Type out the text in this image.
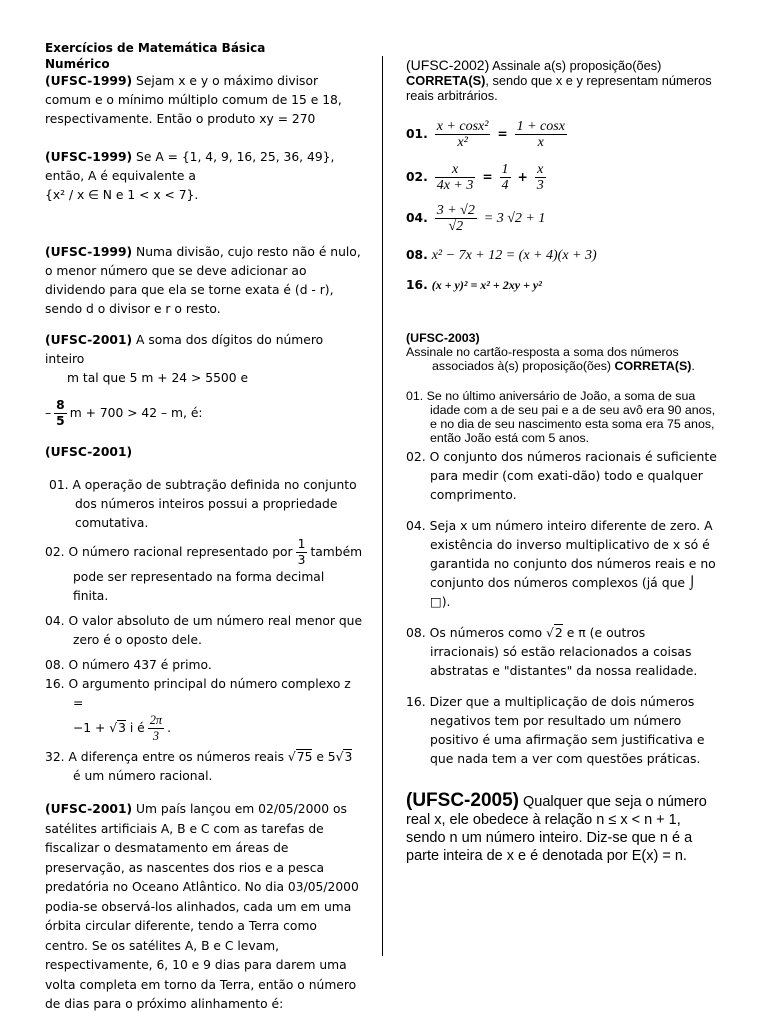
Exercícios de Matemática Básica

Numérico

(UFSC-1999) Sejam x e y o máximo divisor comum e o mínimo múltiplo comum de 15 e 18, respectivamente. Então o produto xy = 270

(UFSC-1999) Se A = {1, 4, 9, 16, 25, 36, 49}, então, A é equivalente a
{x² / x ∈ N e 1 < x < 7}.

(UFSC-1999) Numa divisão, cujo resto não é nulo, o menor número que se deve adicionar ao dividendo para que ela se torne exata é (d - r), sendo d o divisor e r o resto.

(UFSC-2001) A soma dos dígitos do número inteiro

m tal que 5 m + 24 > 5500 e

– $\frac{8}{5}$ m + 700 > 42 – m, é:

(UFSC-2001)

01. A operação de subtração definida no conjunto dos números inteiros possui a propriedade comutativa.

02. O número racional representado por $\frac{1}{3}$ também pode ser representado na forma decimal finita.

04. O valor absoluto de um número real menor que zero é o oposto dele.

08. O número 437 é primo.

16. O argumento principal do número complexo z =
−1 + √3 i é $\frac{2\pi}{3}$ .

32. A diferença entre os números reais √75 e 5√3 é um número racional.

(UFSC-2001) Um país lançou em 02/05/2000 os satélites artificiais A, B e C com as tarefas de fiscalizar o desmatamento em áreas de preservação, as nascentes dos rios e a pesca predatória no Oceano Atlântico. No dia 03/05/2000 podia-se observá-los alinhados, cada um em uma órbita circular diferente, tendo a Terra como centro. Se os satélites A, B e C levam, respectivamente, 6, 10 e 9 dias para darem uma volta completa em torno da Terra, então o número de dias para o próximo alinhamento é:

(UFSC-2002) Assinale a(s) proposição(ões) CORRETA(S), sendo que x e y representam números reais arbitrários.

01. $\frac{\text{x + cosx²}}{\text{x²}} = \frac{1 + \cos x}{x}$

02. $\frac{x}{4x + 3} = \frac{1}{4} + \frac{x}{3}$

04. $\frac{3 + √2}{√2} = 3$ √2 + 1

08. x² − 7x + 12 = (x + 4)(x + 3)

16. (x + y)² = x² + 2xy + y²

(UFSC-2003)

Assinale no cartão-resposta a soma dos números associados à(s) proposição(ões) CORRETA(S).

01. Se no último aniversário de João, a soma de sua idade com a de seu pai e a de seu avô era 90 anos, e no dia de seu nascimento esta soma era 75 anos, então João está com 5 anos.

02. O conjunto dos números racionais é suficiente para medir (com exati-dão) todo e qualquer comprimento.

04. Seja x um número inteiro diferente de zero. A existência do inverso multiplicativo de x só é garantida no conjunto dos números reais e no conjunto dos números complexos (já que ⌡ □).

08. Os números como √2 e π (e outros irracionais) só estão relacionados a coisas abstratas e "distantes" da nossa realidade.

16. Dizer que a multiplicação de dois números negativos tem por resultado um número positivo é uma afirmação sem justificativa e que nada tem a ver com questões práticas.

(UFSC-2005) Qualquer que seja o número real x, ele obedece à relação n ≤ x < n + 1, sendo n um número inteiro. Diz-se que n é a parte inteira de x e é denotada por E(x) = n.
